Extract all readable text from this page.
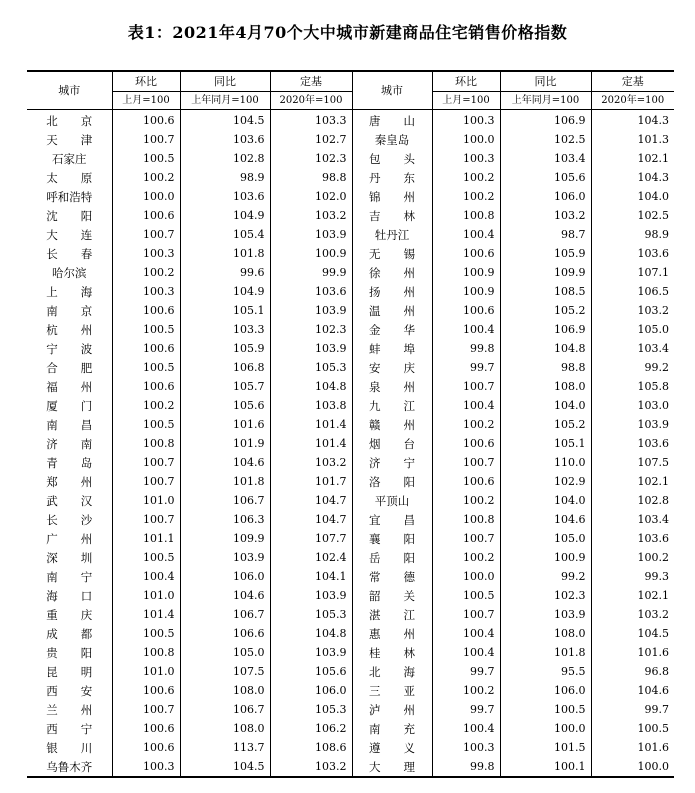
表1：2021年4月70个大中城市新建商品住宅销售价格指数
城市	环比	同比	定基	城市	环比	同比	定基
	上月=100	上年同月=100	2020年=100		上月=100	上年同月=100	2020年=100
北　　京	100.6	104.5	103.3	唐　　山	100.3	106.9	104.3
天　　津	100.7	103.6	102.7	秦皇岛	100.0	102.5	101.3
石家庄	100.5	102.8	102.3	包　　头	100.3	103.4	102.1
太　　原	100.2	98.9	98.8	丹　　东	100.2	105.6	104.3
呼和浩特	100.0	103.6	102.0	锦　　州	100.2	106.0	104.0
沈　　阳	100.6	104.9	103.2	吉　　林	100.8	103.2	102.5
大　　连	100.7	105.4	103.9	牡丹江	100.4	98.7	98.9
长　　春	100.3	101.8	100.9	无　　锡	100.6	105.9	103.6
哈尔滨	100.2	99.6	99.9	徐　　州	100.9	109.9	107.1
上　　海	100.3	104.9	103.6	扬　　州	100.9	108.5	106.5
南　　京	100.6	105.1	103.9	温　　州	100.6	105.2	103.2
杭　　州	100.5	103.3	102.3	金　　华	100.4	106.9	105.0
宁　　波	100.6	105.9	103.9	蚌　　埠	99.8	104.8	103.4
合　　肥	100.5	106.8	105.3	安　　庆	99.7	98.8	99.2
福　　州	100.6	105.7	104.8	泉　　州	100.7	108.0	105.8
厦　　门	100.2	105.6	103.8	九　　江	100.4	104.0	103.0
南　　昌	100.5	101.6	101.4	赣　　州	100.2	105.2	103.9
济　　南	100.8	101.9	101.4	烟　　台	100.6	105.1	103.6
青　　岛	100.7	104.6	103.2	济　　宁	100.7	110.0	107.5
郑　　州	100.7	101.8	101.7	洛　　阳	100.6	102.9	102.1
武　　汉	101.0	106.7	104.7	平顶山	100.2	104.0	102.8
长　　沙	100.7	106.3	104.7	宜　　昌	100.8	104.6	103.4
广　　州	101.1	109.9	107.7	襄　　阳	100.7	105.0	103.6
深　　圳	100.5	103.9	102.4	岳　　阳	100.2	100.9	100.2
南　　宁	100.4	106.0	104.1	常　　德	100.0	99.2	99.3
海　　口	101.0	104.6	103.9	韶　　关	100.5	102.3	102.1
重　　庆	101.4	106.7	105.3	湛　　江	100.7	103.9	103.2
成　　都	100.5	106.6	104.8	惠　　州	100.4	108.0	104.5
贵　　阳	100.8	105.0	103.9	桂　　林	100.4	101.8	101.6
昆　　明	101.0	107.5	105.6	北　　海	99.7	95.5	96.8
西　　安	100.6	108.0	106.0	三　　亚	100.2	106.0	104.6
兰　　州	100.7	106.7	105.3	泸　　州	99.7	100.5	99.7
西　　宁	100.6	108.0	106.2	南　　充	100.4	100.0	100.5
银　　川	100.6	113.7	108.6	遵　　义	100.3	101.5	101.6
乌鲁木齐	100.3	104.5	103.2	大　　理	99.8	100.1	100.0
